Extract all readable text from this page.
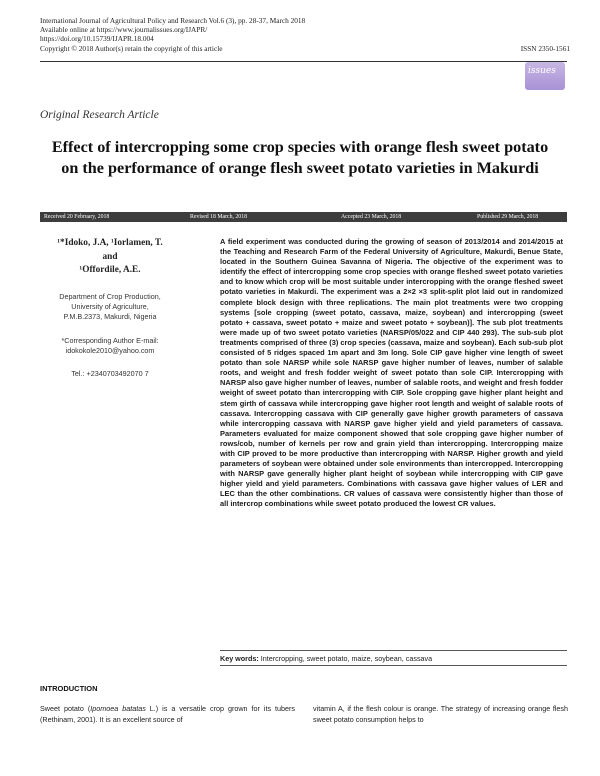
International Journal of Agricultural Policy and Research Vol.6 (3), pp. 28-37, March 2018
Available online at https://www.journalissues.org/IJAPR/
https://doi.org/10.15739/IJAPR.18.004
Copyright © 2018 Author(s) retain the copyright of this article	ISSN 2350-1561
issues
Original Research Article
Effect of intercropping some crop species with orange flesh sweet potato on the performance of orange flesh sweet potato varieties in Makurdi
Received 20 February, 2018	Revised 18 March, 2018	Accepted 23 March, 2018	Published 29 March, 2018
¹*Idoko, J.A, ¹Iorlamen, T.
and
¹Offordile, A.E.
Department of Crop Production,
University of Agriculture,
P.M.B.2373, Makurdi, Nigeria
*Corresponding Author E-mail:
idokokole2010@yahoo.com
Tel.: +2340703492070 7
A field experiment was conducted during the growing of season of 2013/2014 and 2014/2015 at the Teaching and Research Farm of the Federal University of Agriculture, Makurdi, Benue State, located in the Southern Guinea Savanna of Nigeria. The objective of the experiment was to identify the effect of intercropping some crop species with orange fleshed sweet potato varieties and to know which crop will be most suitable under intercropping with the orange fleshed sweet potato varieties in Makurdi. The experiment was a 2×2 ×3 split-split plot laid out in randomized complete block design with three replications. The main plot treatments were two cropping systems [sole cropping (sweet potato, cassava, maize, soybean) and intercropping (sweet potato + cassava, sweet potato + maize and sweet potato + soybean)]. The sub plot treatments were made up of two sweet potato varieties (NARSP/05/022 and CIP 440 293). The sub-sub plot treatments comprised of three (3) crop species (cassava, maize and soybean). Each sub-sub plot consisted of 5 ridges spaced 1m apart and 3m long. Sole CIP gave higher vine length of sweet potato than sole NARSP while sole NARSP gave higher number of leaves, number of salable roots, and weight and fresh fodder weight of sweet potato than sole CIP. Intercropping with NARSP also gave higher number of leaves, number of salable roots, and weight and fresh fodder weight of sweet potato than intercropping with CIP. Sole cropping gave higher plant height and stem girth of cassava while intercropping gave higher root length and weight of salable roots of cassava. Intercropping cassava with CIP generally gave higher growth parameters of cassava while intercropping cassava with NARSP gave higher yield and yield parameters of cassava. Parameters evaluated for maize component showed that sole cropping gave higher number of rows/cob, number of kernels per row and grain yield than intercropping. Intercropping maize with CIP proved to be more productive than intercropping with NARSP. Higher growth and yield parameters of soybean were obtained under sole environments than intercropped. Intercropping with NARSP gave generally higher plant height of soybean while intercropping with CIP gave higher yield and yield parameters. Combinations with cassava gave higher values of LER and LEC than the other combinations. CR values of cassava were consistently higher than those of all intercrop combinations while sweet potato produced the lowest CR values.
Key words: Intercropping, sweet potato, maize, soybean, cassava
INTRODUCTION
Sweet potato (Ipomoea batatas L.) is a versatile crop grown for its tubers (Rethinam, 2001). It is an excellent source of
vitamin A, if the flesh colour is orange. The strategy of increasing orange flesh sweet potato consumption helps to
